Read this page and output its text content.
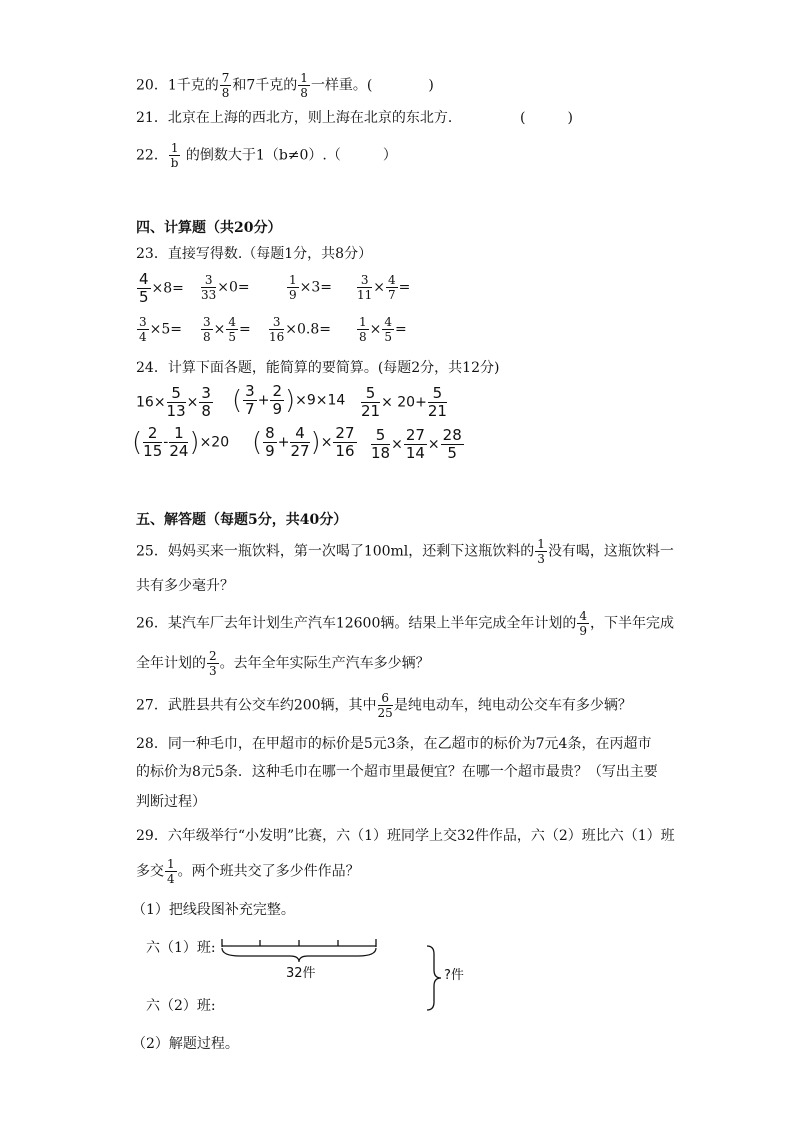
20．1千克的 $\frac{7}{8}$ 和7千克的 $\frac{1}{8}$ 一样重。(　　　　)
21．北京在上海的西北方，则上海在北京的东北方．	(　　　)
22． $\frac{1}{b}$ 的倒数大于1（b≠0）.（　　　）
四、计算题（共20分）
23．直接写得数.（每题1分，共8分）
$\frac{4}{5} \times 8= \frac{3}{33} \times 0=$	$\frac{1}{9} \times 3= \frac{3}{11} \times \frac{4}{7}$ =
$\frac{3}{4} \times 5= \frac{3}{8} \times \frac{4}{5} = \frac{3}{16} \times 0.8= \frac{1}{8} \times \frac{4}{5}$ =
24．计算下面各题，能简算的要简算。(每题2分，共12分)
$16\times \frac{5}{13} \times \frac{3}{8}$ ( $\frac{3}{7} + \frac{2}{9} )\times 9\times 14 \frac{5}{21} \times 20+ \frac{5}{21}$
( $\frac{2}{15} - \frac{1}{24} )\times 20$ ( $\frac{8}{9} + \frac{4}{27}$ )× $\frac{27}{16} \frac{5}{18} \times \frac{27}{14} \times \frac{28}{5}$
五、解答题（每题5分，共40分）
25．妈妈买来一瓶饮料，第一次喝了100ml，还剩下这瓶饮料的 $\frac{1}{3}$ 没有喝，这瓶饮料一
共有多少毫升？
26．某汽车厂去年计划生产汽车12600辆。结果上半年完成全年计划的 $\frac{4}{9}$ ，下半年完成
全年计划的 $\frac{2}{3}$ 。去年全年实际生产汽车多少辆？
27．武胜县共有公交车约200辆，其中 $\frac{6}{25}$ 是纯电动车，纯电动公交车有多少辆？
28．同一种毛巾，在甲超市的标价是5元3条，在乙超市的标价为7元4条，在丙超市
的标价为8元5条．这种毛巾在哪一个超市里最便宜？在哪一个超市最贵？（写出主要
判断过程）
29．六年级举行“小发明”比赛，六（1）班同学上交32件作品，六（2）班比六（1）班
多交 $\frac{1}{4}$ 。两个班共交了多少件作品？
（1）把线段图补充完整。
六（1）班:
32件	?件
六（2）班:
（2）解题过程。
